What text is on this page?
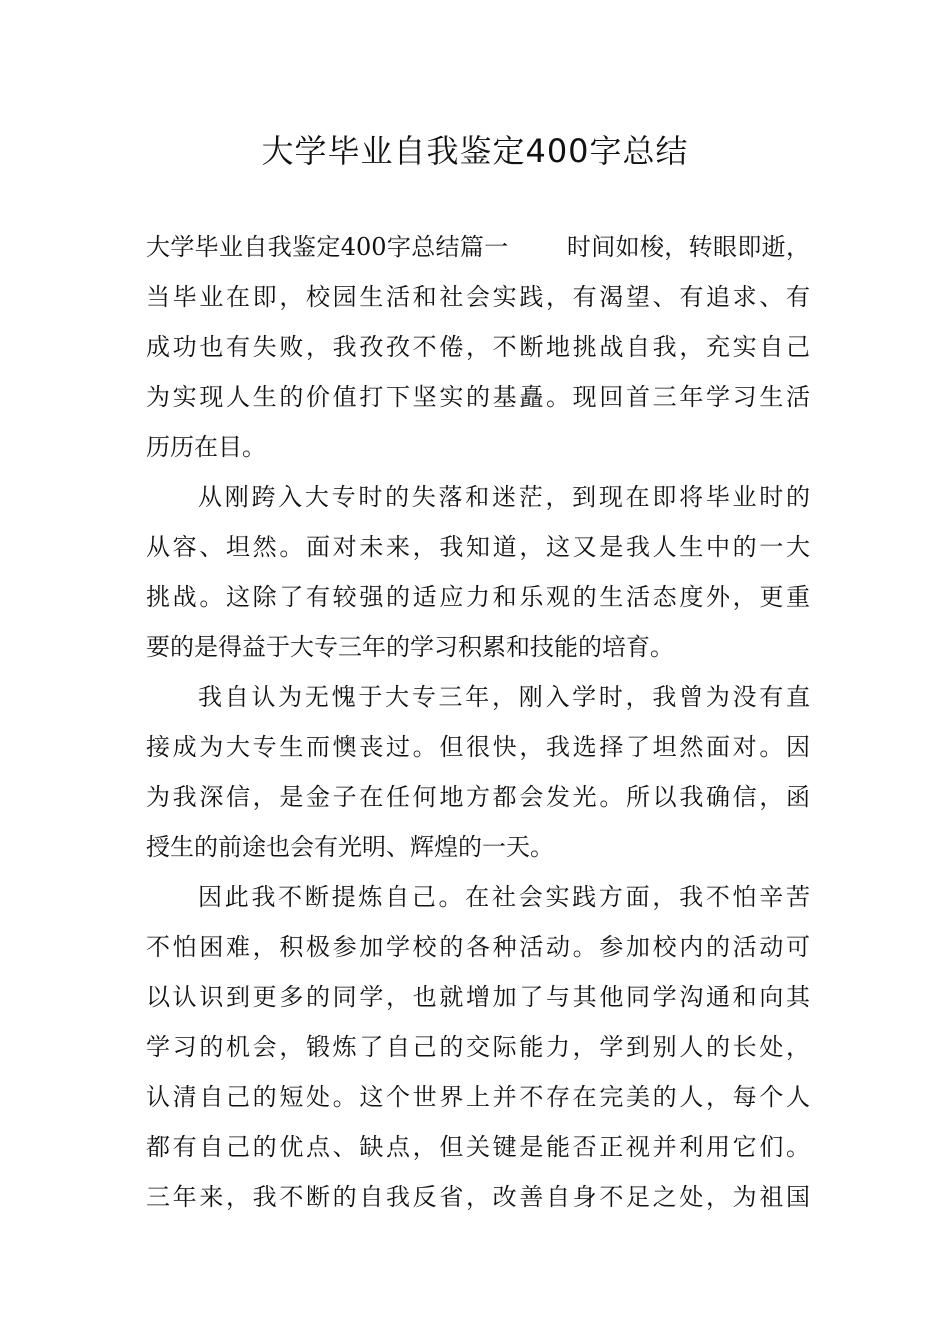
大学毕业自我鉴定400字总结
大学毕业自我鉴定400字总结篇一 时间如梭，转眼即逝，
当毕业在即，校园生活和社会实践，有渴望、有追求、有
成功也有失败，我孜孜不倦，不断地挑战自我，充实自己
为实现人生的价值打下坚实的基矗。现回首三年学习生活
历历在目。
从刚跨入大专时的失落和迷茫，到现在即将毕业时的
从容、坦然。面对未来，我知道，这又是我人生中的一大
挑战。这除了有较强的适应力和乐观的生活态度外，更重
要的是得益于大专三年的学习积累和技能的培育。
我自认为无愧于大专三年，刚入学时，我曾为没有直
接成为大专生而懊丧过。但很快，我选择了坦然面对。因
为我深信，是金子在任何地方都会发光。所以我确信，函
授生的前途也会有光明、辉煌的一天。
因此我不断提炼自己。在社会实践方面，我不怕辛苦
不怕困难，积极参加学校的各种活动。参加校内的活动可
以认识到更多的同学，也就增加了与其他同学沟通和向其
学习的机会，锻炼了自己的交际能力，学到别人的长处，
认清自己的短处。这个世界上并不存在完美的人，每个人
都有自己的优点、缺点，但关键是能否正视并利用它们。
三年来，我不断的自我反省，改善自身不足之处，为祖国
